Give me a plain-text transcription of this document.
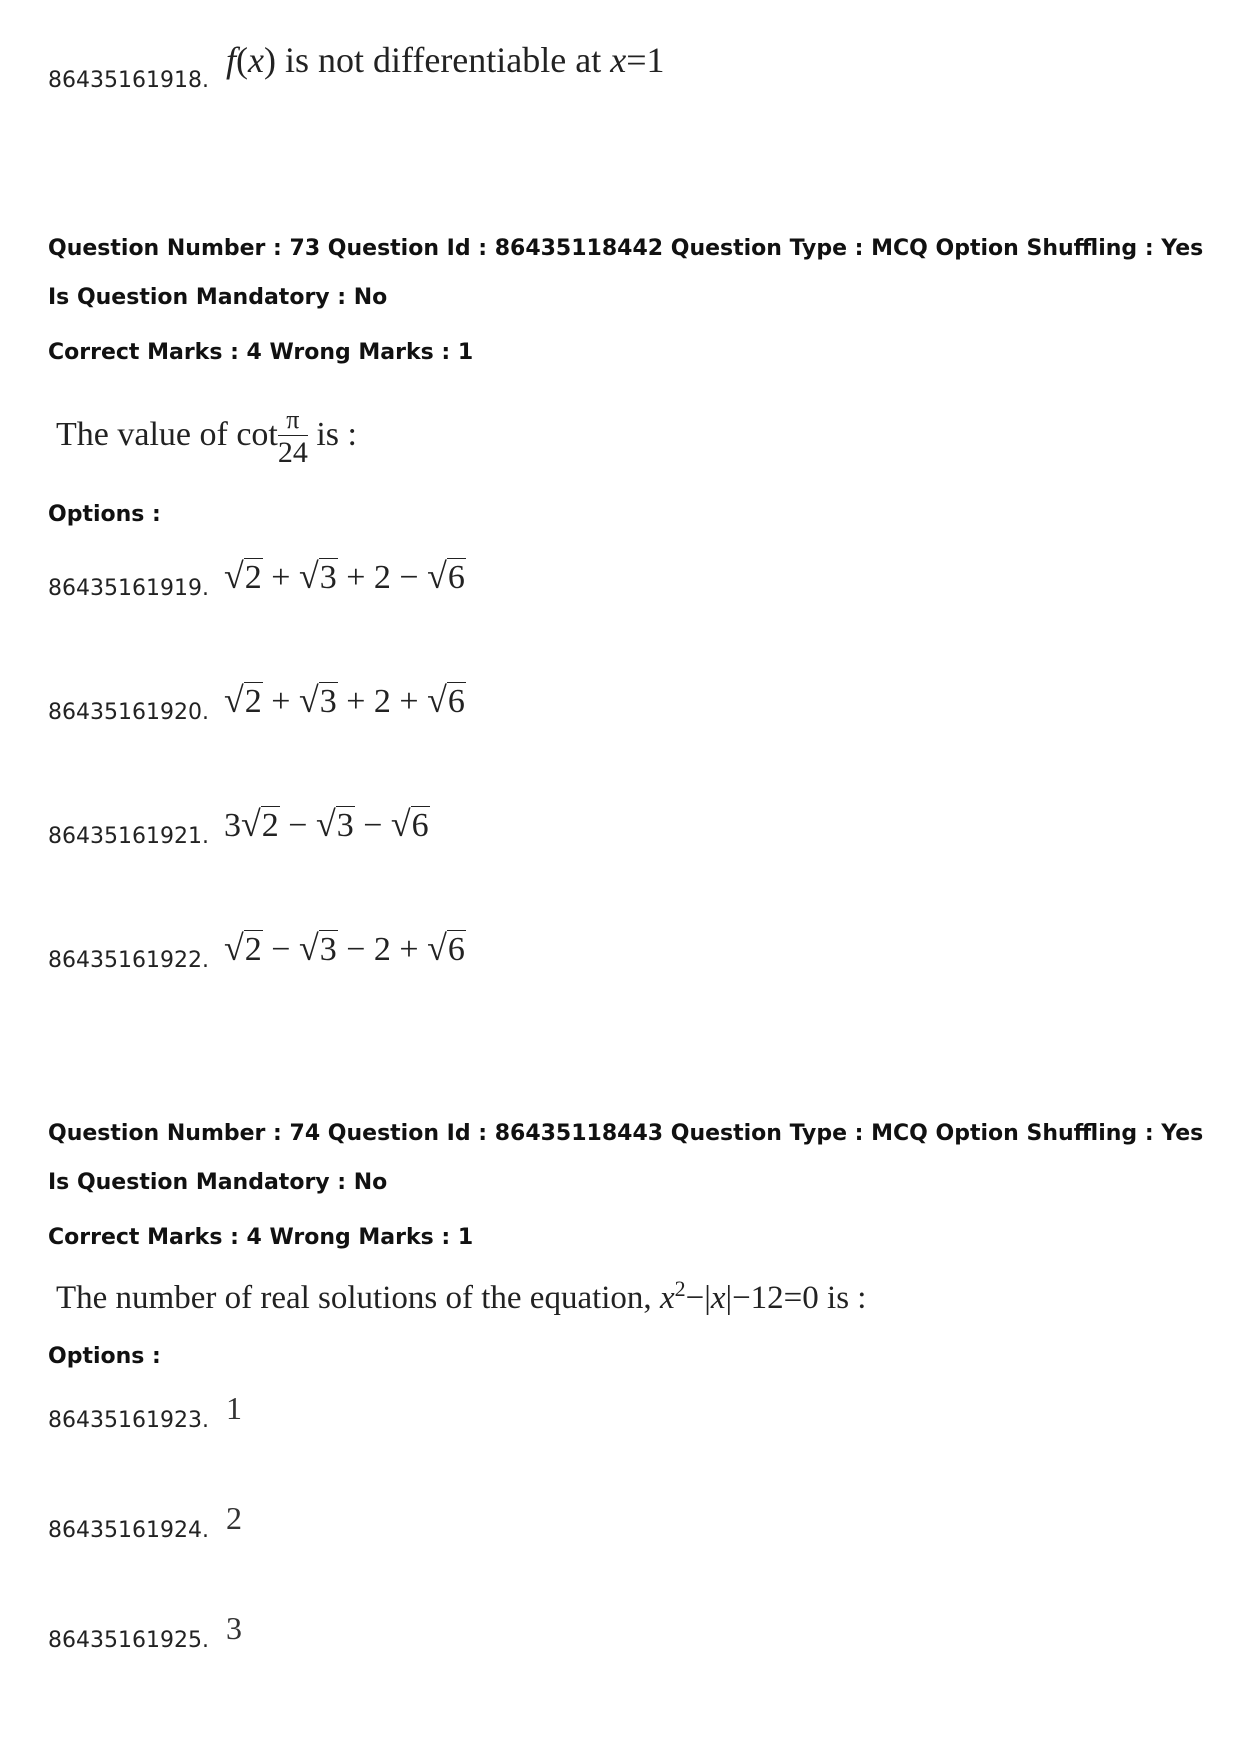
86435161918.
f(x) is not differentiable at x=1
Question Number : 73 Question Id : 86435118442 Question Type : MCQ Option Shuffling : Yes
Is Question Mandatory : No
Correct Marks : 4 Wrong Marks : 1
The value of $\cot \frac{\pi}{24}$ is :
Options :
86435161919. √2 + √3 + 2 − √6
86435161920. √2 + √3 + 2 + √6
86435161921. 3√2 − √3 − √6
86435161922. √2 − √3 − 2 + √6
Question Number : 74 Question Id : 86435118443 Question Type : MCQ Option Shuffling : Yes
Is Question Mandatory : No
Correct Marks : 4 Wrong Marks : 1
The number of real solutions of the equation, $x^2-|x|-12=0$ is :
Options :
86435161923. 1
86435161924. 2
86435161925. 3
